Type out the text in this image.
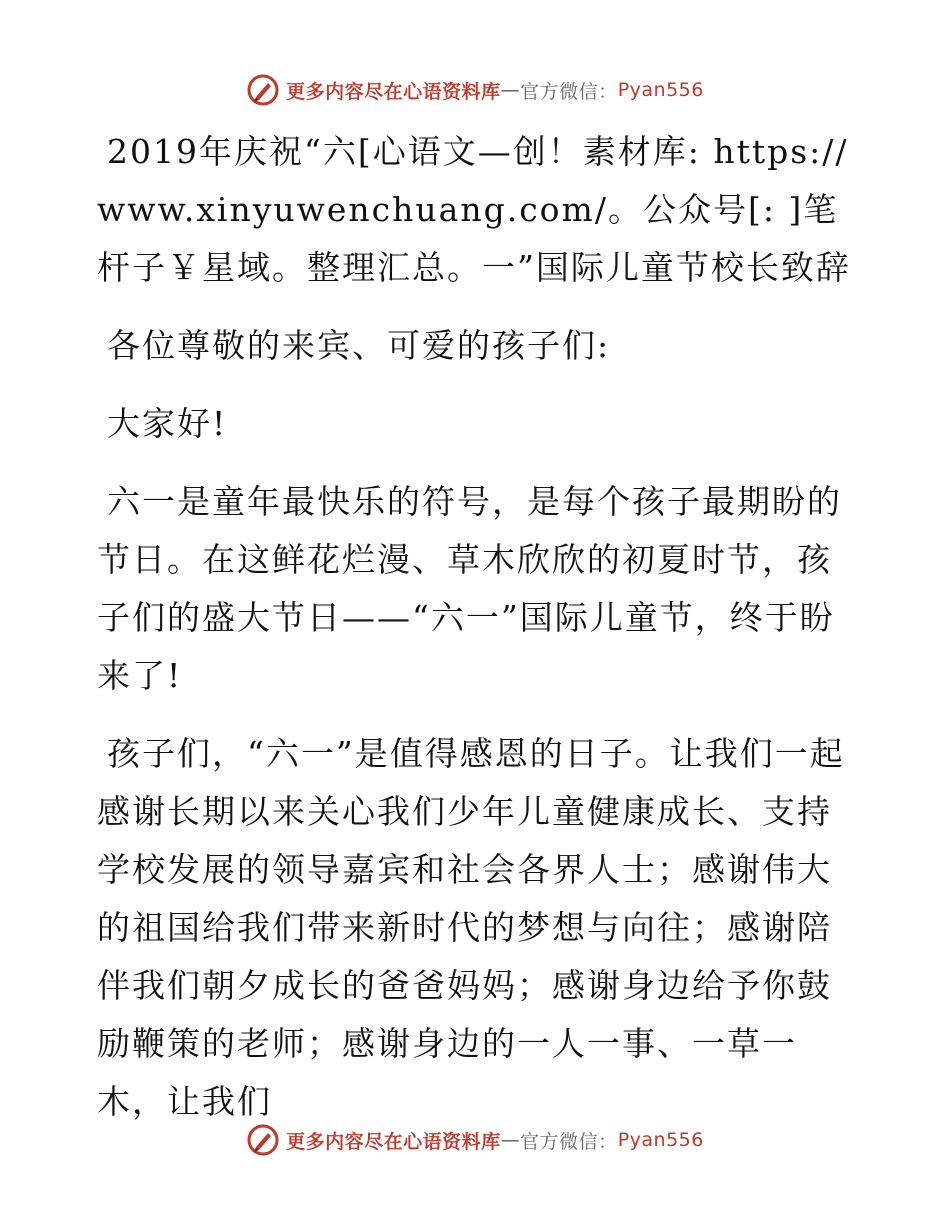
更多内容尽在心语资料库 — 官方微信： Pyan556

2019年庆祝“六[心语文—创！素材库: https://www.xinyuwenchuang.com/。公众号[: ]笔杆子￥星域。整理汇总。一”国际儿童节校长致辞

各位尊敬的来宾、可爱的孩子们:

大家好!

六一是童年最快乐的符号，是每个孩子最期盼的节日。在这鲜花烂漫、草木欣欣的初夏时节，孩子们的盛大节日——“六一”国际儿童节，终于盼来了!

孩子们，“六一”是值得感恩的日子。让我们一起感谢长期以来关心我们少年儿童健康成长、支持学校发展的领导嘉宾和社会各界人士；感谢伟大的祖国给我们带来新时代的梦想与向往；感谢陪伴我们朝夕成长的爸爸妈妈；感谢身边给予你鼓励鞭策的老师；感谢身边的一人一事、一草一木，让我们

更多内容尽在心语资料库 — 官方微信： Pyan556
